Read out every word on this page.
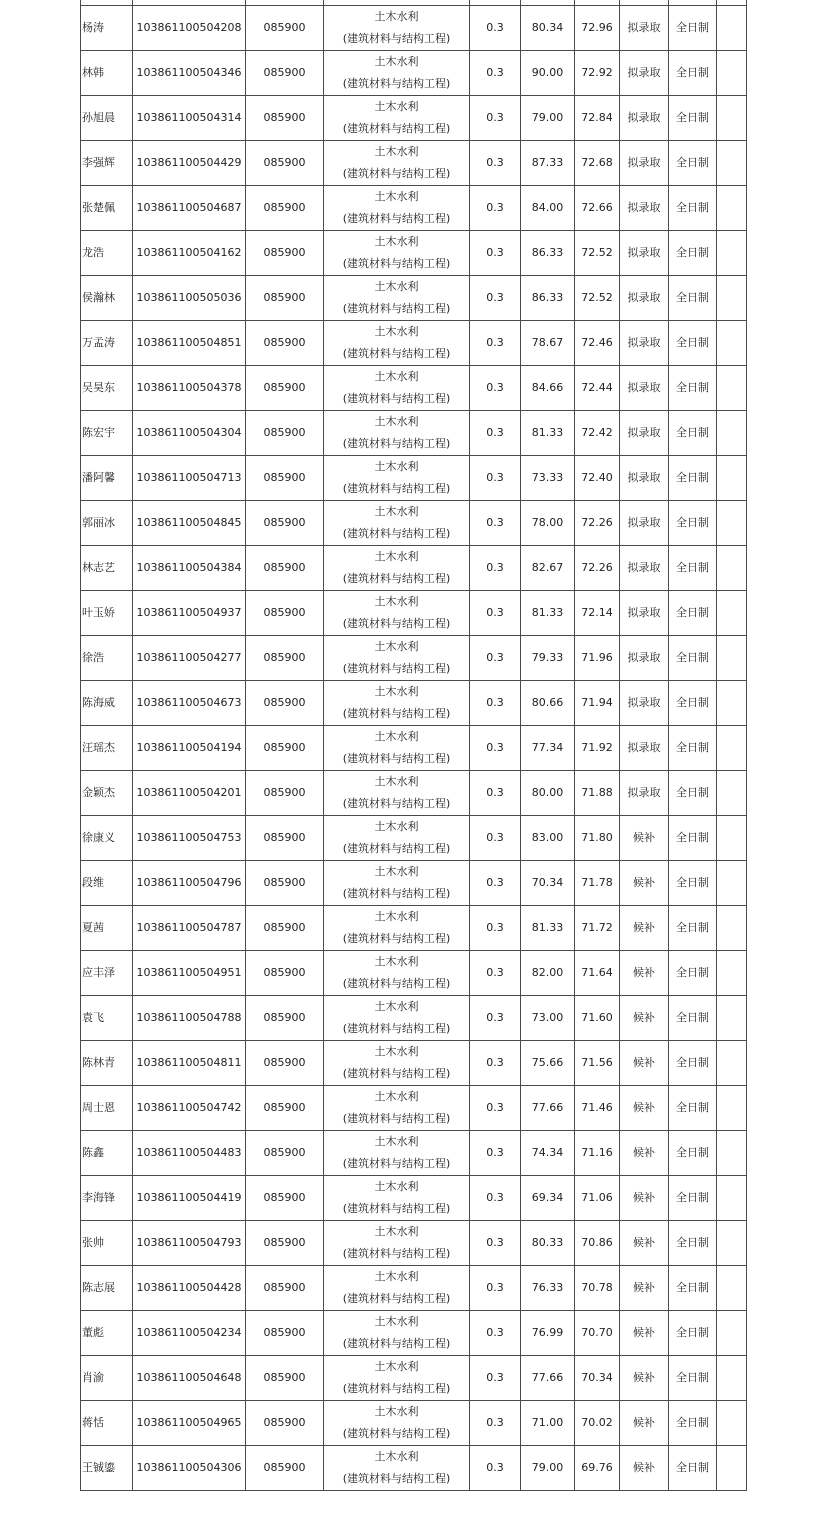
杨涛	103861100504208	085900	土木水利
(建筑材料与结构工程)	0.3	80.34	72.96	拟录取	全日制	
林韩	103861100504346	085900	土木水利
(建筑材料与结构工程)	0.3	90.00	72.92	拟录取	全日制	
孙旭晨	103861100504314	085900	土木水利
(建筑材料与结构工程)	0.3	79.00	72.84	拟录取	全日制	
李强辉	103861100504429	085900	土木水利
(建筑材料与结构工程)	0.3	87.33	72.68	拟录取	全日制	
张楚佩	103861100504687	085900	土木水利
(建筑材料与结构工程)	0.3	84.00	72.66	拟录取	全日制	
龙浩	103861100504162	085900	土木水利
(建筑材料与结构工程)	0.3	86.33	72.52	拟录取	全日制	
侯瀚林	103861100505036	085900	土木水利
(建筑材料与结构工程)	0.3	86.33	72.52	拟录取	全日制	
万孟涛	103861100504851	085900	土木水利
(建筑材料与结构工程)	0.3	78.67	72.46	拟录取	全日制	
吴昊东	103861100504378	085900	土木水利
(建筑材料与结构工程)	0.3	84.66	72.44	拟录取	全日制	
陈宏宇	103861100504304	085900	土木水利
(建筑材料与结构工程)	0.3	81.33	72.42	拟录取	全日制	
潘阿馨	103861100504713	085900	土木水利
(建筑材料与结构工程)	0.3	73.33	72.40	拟录取	全日制	
郭丽冰	103861100504845	085900	土木水利
(建筑材料与结构工程)	0.3	78.00	72.26	拟录取	全日制	
林志艺	103861100504384	085900	土木水利
(建筑材料与结构工程)	0.3	82.67	72.26	拟录取	全日制	
叶玉娇	103861100504937	085900	土木水利
(建筑材料与结构工程)	0.3	81.33	72.14	拟录取	全日制	
徐浩	103861100504277	085900	土木水利
(建筑材料与结构工程)	0.3	79.33	71.96	拟录取	全日制	
陈海威	103861100504673	085900	土木水利
(建筑材料与结构工程)	0.3	80.66	71.94	拟录取	全日制	
汪瑶杰	103861100504194	085900	土木水利
(建筑材料与结构工程)	0.3	77.34	71.92	拟录取	全日制	
金颖杰	103861100504201	085900	土木水利
(建筑材料与结构工程)	0.3	80.00	71.88	拟录取	全日制	
徐康义	103861100504753	085900	土木水利
(建筑材料与结构工程)	0.3	83.00	71.80	候补	全日制	
段维	103861100504796	085900	土木水利
(建筑材料与结构工程)	0.3	70.34	71.78	候补	全日制	
夏茜	103861100504787	085900	土木水利
(建筑材料与结构工程)	0.3	81.33	71.72	候补	全日制	
应丰泽	103861100504951	085900	土木水利
(建筑材料与结构工程)	0.3	82.00	71.64	候补	全日制	
袁飞	103861100504788	085900	土木水利
(建筑材料与结构工程)	0.3	73.00	71.60	候补	全日制	
陈林青	103861100504811	085900	土木水利
(建筑材料与结构工程)	0.3	75.66	71.56	候补	全日制	
周士恩	103861100504742	085900	土木水利
(建筑材料与结构工程)	0.3	77.66	71.46	候补	全日制	
陈鑫	103861100504483	085900	土木水利
(建筑材料与结构工程)	0.3	74.34	71.16	候补	全日制	
李海锋	103861100504419	085900	土木水利
(建筑材料与结构工程)	0.3	69.34	71.06	候补	全日制	
张帅	103861100504793	085900	土木水利
(建筑材料与结构工程)	0.3	80.33	70.86	候补	全日制	
陈志展	103861100504428	085900	土木水利
(建筑材料与结构工程)	0.3	76.33	70.78	候补	全日制	
董彪	103861100504234	085900	土木水利
(建筑材料与结构工程)	0.3	76.99	70.70	候补	全日制	
肖渝	103861100504648	085900	土木水利
(建筑材料与结构工程)	0.3	77.66	70.34	候补	全日制	
蒋恬	103861100504965	085900	土木水利
(建筑材料与结构工程)	0.3	71.00	70.02	候补	全日制	
王铖鎏	103861100504306	085900	土木水利
(建筑材料与结构工程)	0.3	79.00	69.76	候补	全日制	
